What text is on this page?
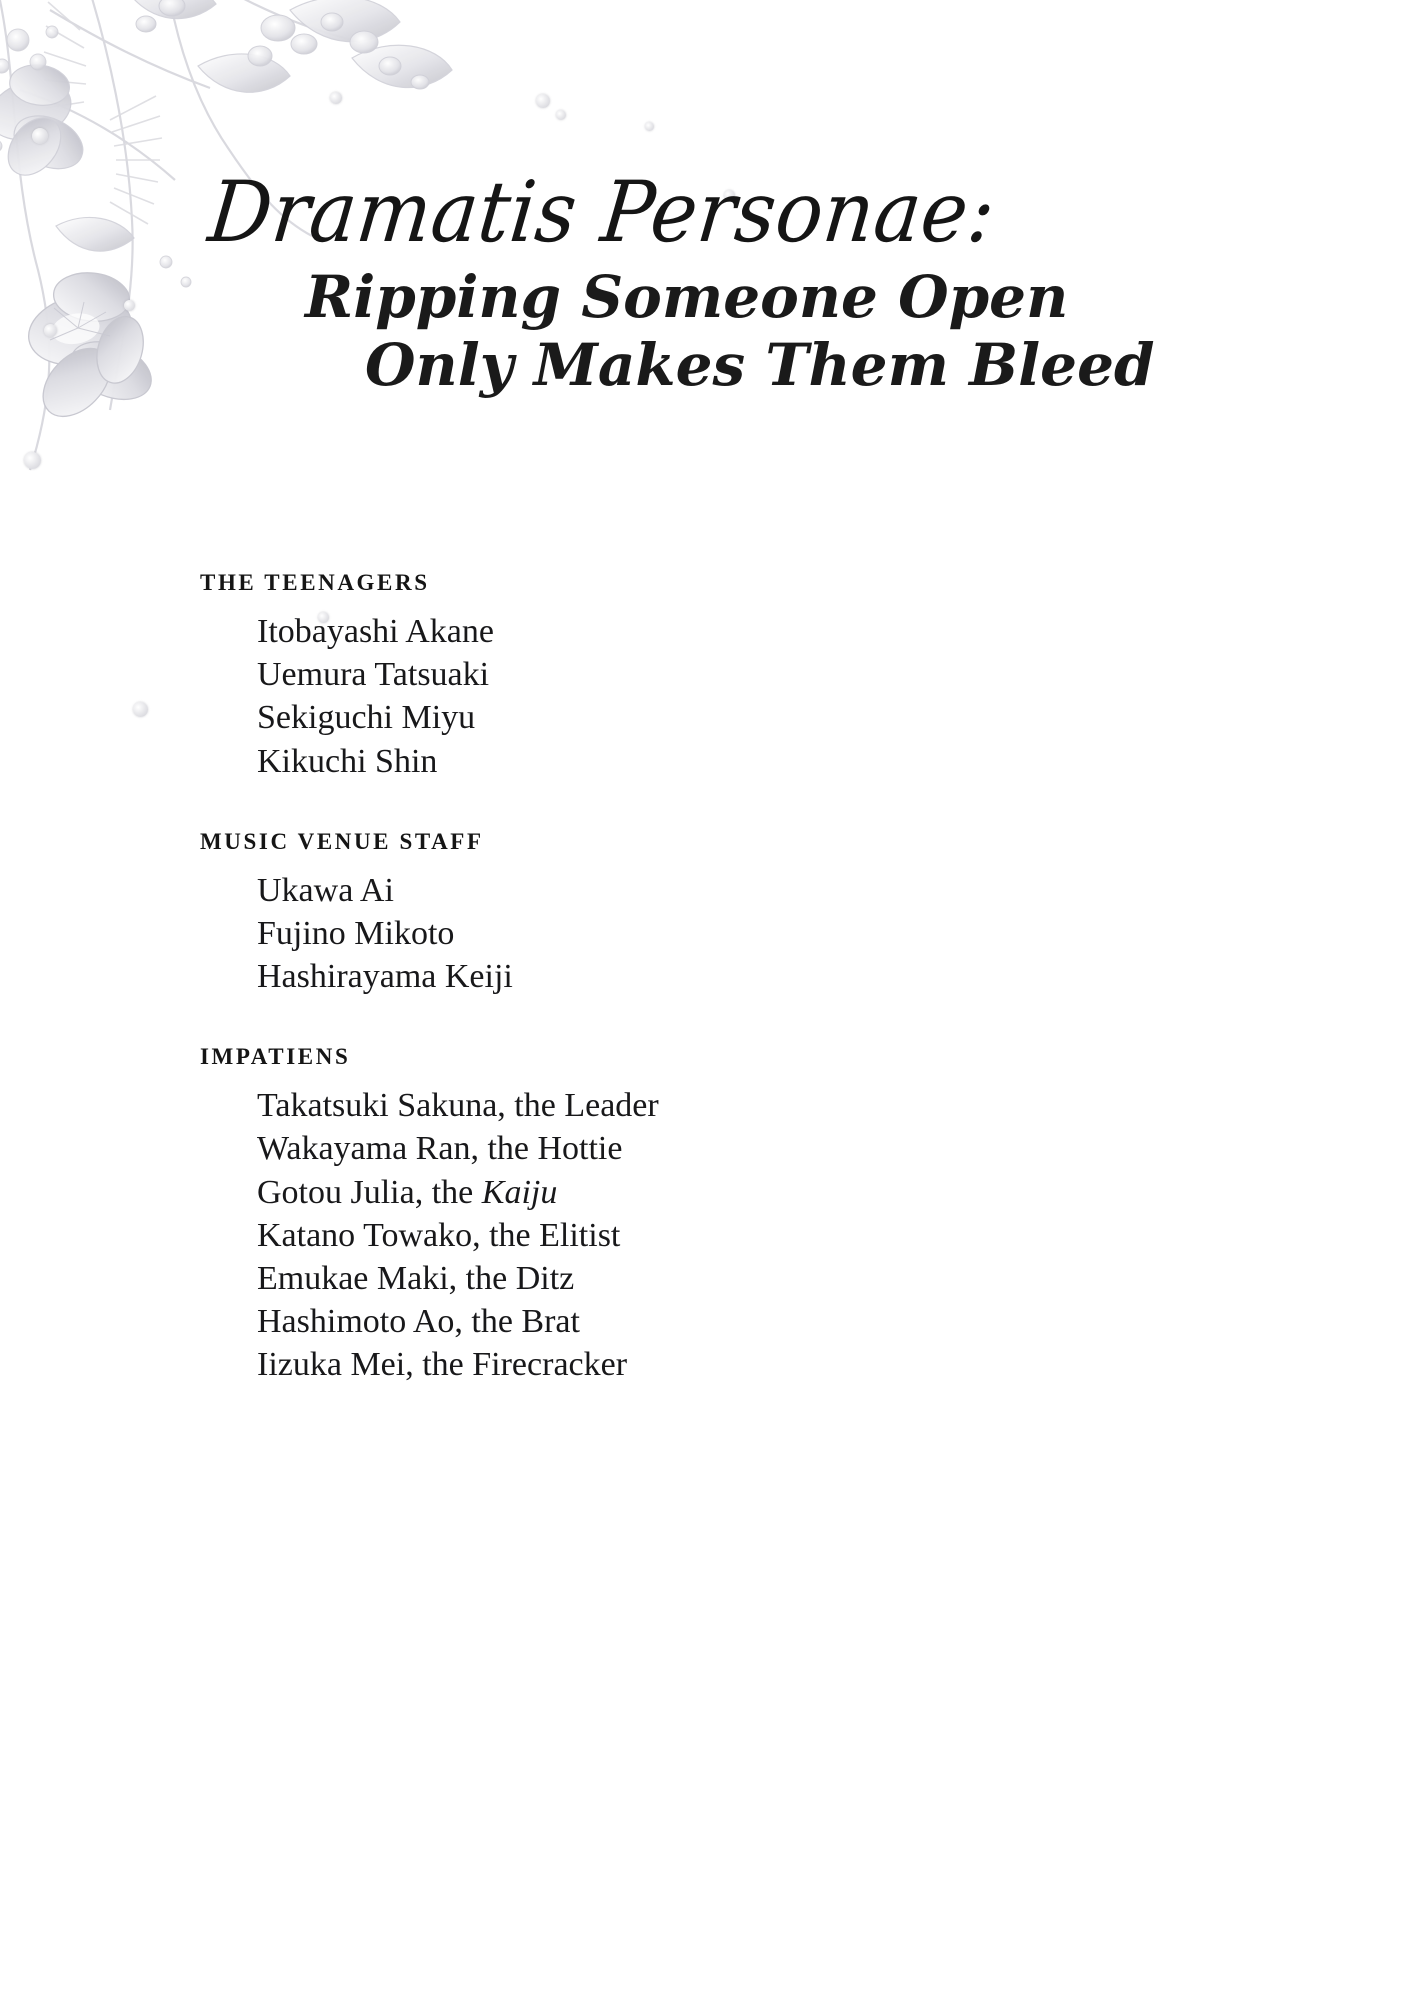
Dramatis Personae:
Ripping Someone Open
Only Makes Them Bleed
THE TEENAGERS
Itobayashi Akane
Uemura Tatsuaki
Sekiguchi Miyu
Kikuchi Shin
MUSIC VENUE STAFF
Ukawa Ai
Fujino Mikoto
Hashirayama Keiji
IMPATIENS
Takatsuki Sakuna, the Leader
Wakayama Ran, the Hottie
Gotou Julia, the Kaiju
Katano Towako, the Elitist
Emukae Maki, the Ditz
Hashimoto Ao, the Brat
Iizuka Mei, the Firecracker
